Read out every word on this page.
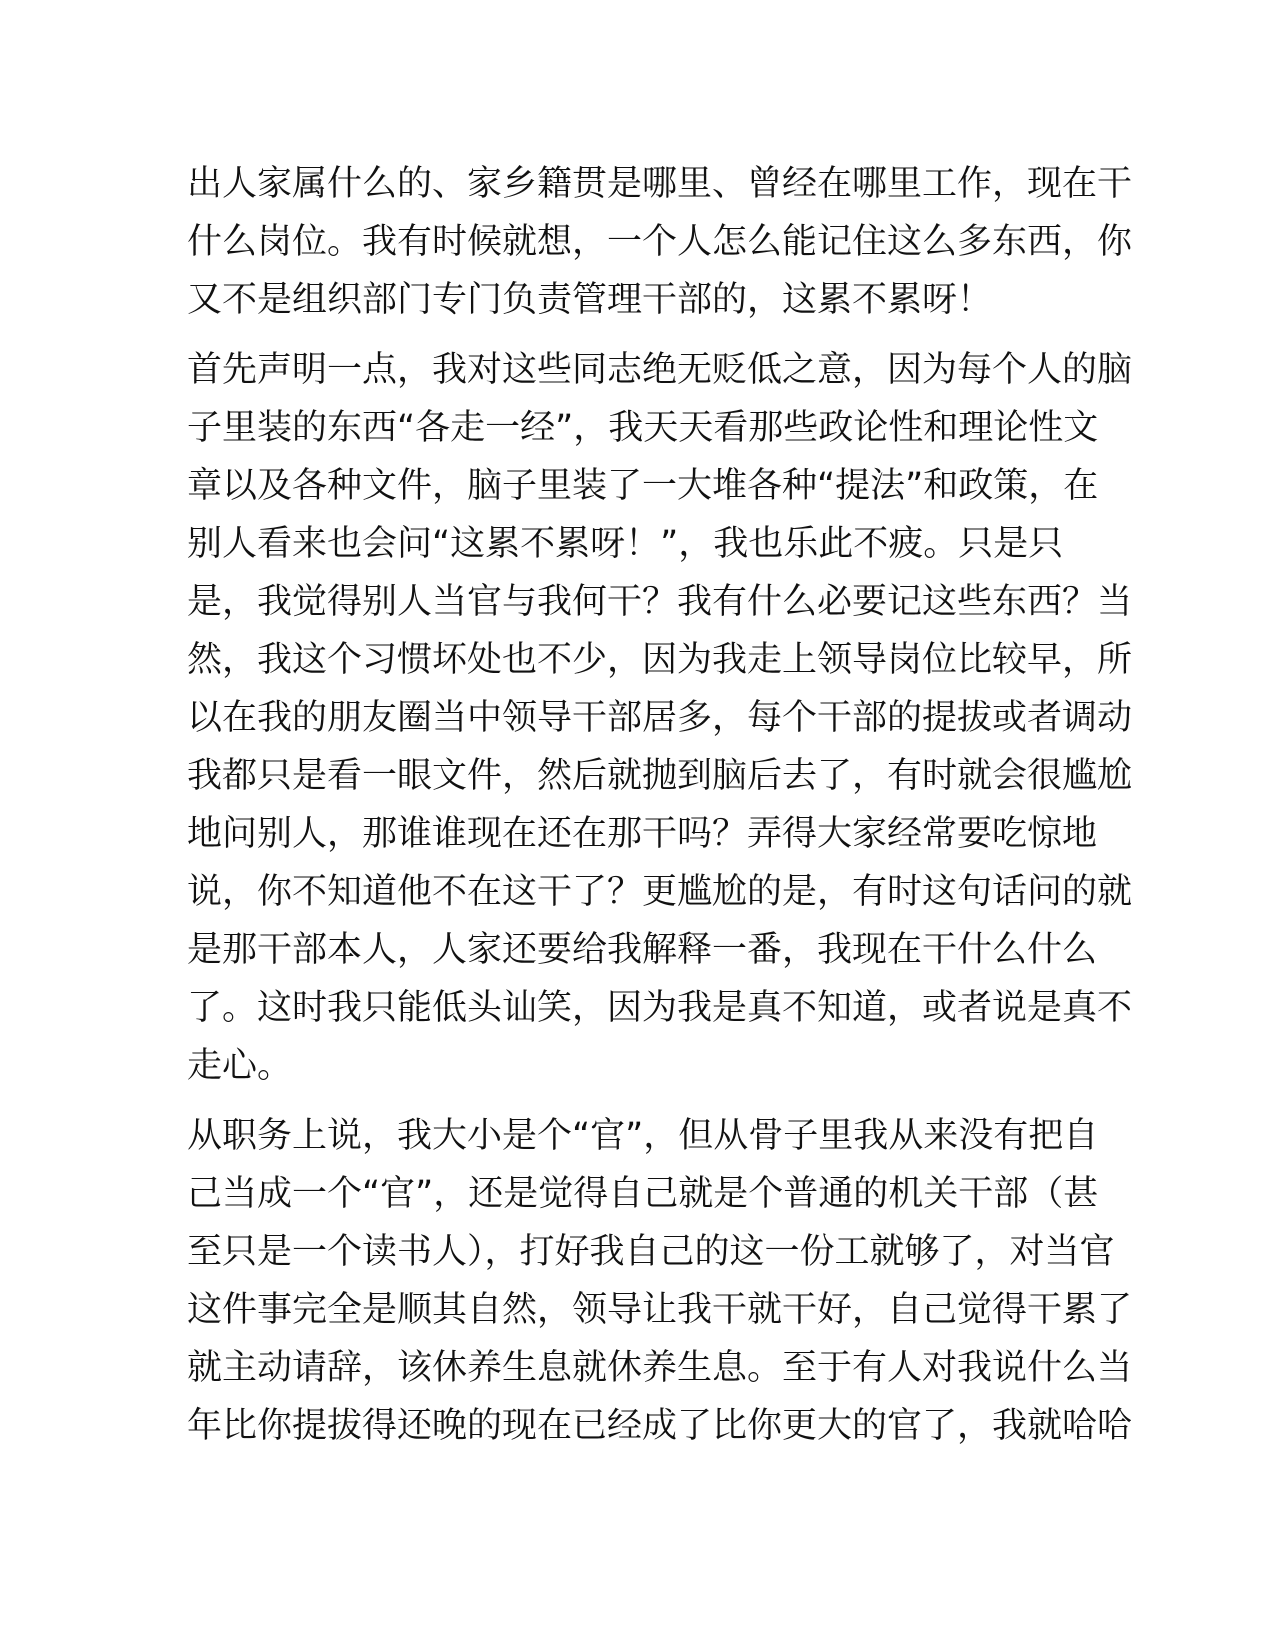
出人家属什么的、家乡籍贯是哪里、曾经在哪里工作，现在干
什么岗位。我有时候就想，一个人怎么能记住这么多东西，你
又不是组织部门专门负责管理干部的，这累不累呀！

首先声明一点，我对这些同志绝无贬低之意，因为每个人的脑
子里装的东西“各走一经”，我天天看那些政论性和理论性文
章以及各种文件，脑子里装了一大堆各种“提法”和政策，在
别人看来也会问“这累不累呀！”，我也乐此不疲。只是只
是，我觉得别人当官与我何干？我有什么必要记这些东西？当
然，我这个习惯坏处也不少，因为我走上领导岗位比较早，所
以在我的朋友圈当中领导干部居多，每个干部的提拔或者调动
我都只是看一眼文件，然后就抛到脑后去了，有时就会很尴尬
地问别人，那谁谁现在还在那干吗？弄得大家经常要吃惊地
说，你不知道他不在这干了？更尴尬的是，有时这句话问的就
是那干部本人，人家还要给我解释一番，我现在干什么什么
了。这时我只能低头讪笑，因为我是真不知道，或者说是真不
走心。

从职务上说，我大小是个“官”，但从骨子里我从来没有把自
己当成一个“官”，还是觉得自己就是个普通的机关干部（甚
至只是一个读书人），打好我自己的这一份工就够了，对当官
这件事完全是顺其自然，领导让我干就干好，自己觉得干累了
就主动请辞，该休养生息就休养生息。至于有人对我说什么当
年比你提拔得还晚的现在已经成了比你更大的官了，我就哈哈
